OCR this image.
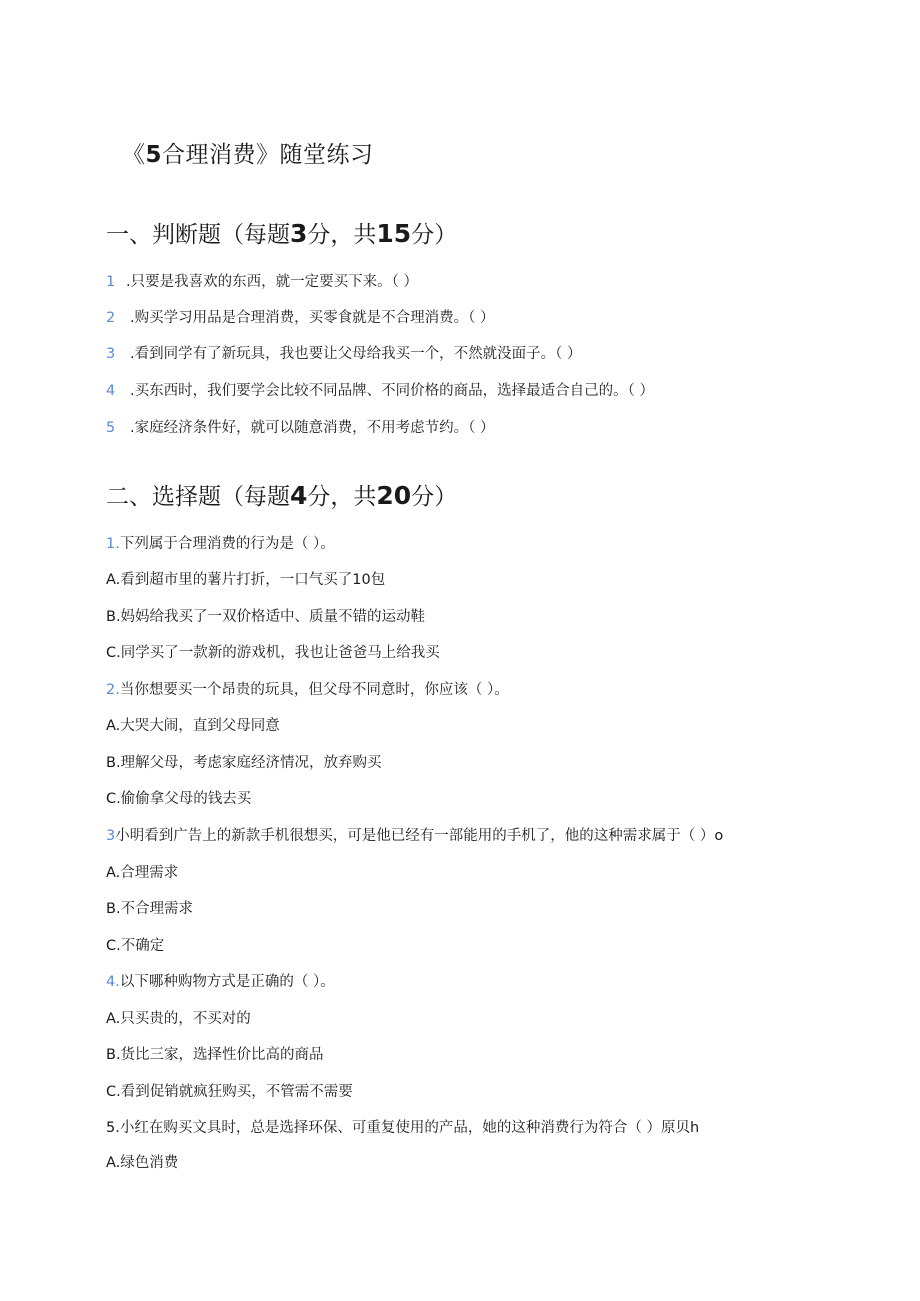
《5合理消费》随堂练习
一、判断题（每题3分，共15分）
1 .只要是我喜欢的东西，就一定要买下来。（ ）
2 .购买学习用品是合理消费，买零食就是不合理消费。（ ）
3 .看到同学有了新玩具，我也要让父母给我买一个，不然就没面子。（ ）
4 .买东西时，我们要学会比较不同品牌、不同价格的商品，选择最适合自己的。（ ）
5 .家庭经济条件好，就可以随意消费，不用考虑节约。（ ）
二、选择题（每题4分，共20分）
1.下列属于合理消费的行为是（ ）。
A.看到超市里的薯片打折，一口气买了10包
B.妈妈给我买了一双价格适中、质量不错的运动鞋
C.同学买了一款新的游戏机，我也让爸爸马上给我买
2.当你想要买一个昂贵的玩具，但父母不同意时，你应该（ ）。
A.大哭大闹，直到父母同意
B.理解父母，考虑家庭经济情况，放弃购买
C.偷偷拿父母的钱去买
3小明看到广告上的新款手机很想买，可是他已经有一部能用的手机了，他的这种需求属于（ ）o
A.合理需求
B.不合理需求
C.不确定
4.以下哪种购物方式是正确的（ ）。
A.只买贵的，不买对的
B.货比三家，选择性价比高的商品
C.看到促销就疯狂购买，不管需不需要
5.小红在购买文具时，总是选择环保、可重复使用的产品，她的这种消费行为符合（ ）原贝h
A.绿色消费
